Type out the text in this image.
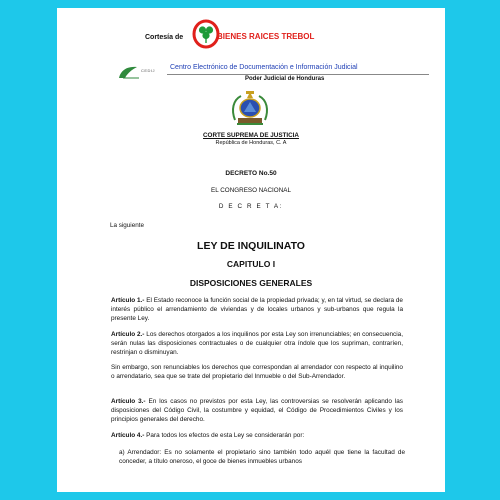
Cortesía de	BIENES RAICES TREBOL
CEDIJ Centro Electrónico de Documentación e Información Judicial
Poder Judicial de Honduras
CORTE SUPREMA DE JUSTICIA
República de Honduras, C. A
DECRETO No.50
EL CONGRESO NACIONAL
D E C R E T A:
La siguiente
LEY DE INQUILINATO
CAPITULO I
DISPOSICIONES GENERALES

Artículo 1.- El Estado reconoce la función social de la propiedad privada; y, en tal virtud, se declara de interés público el arrendamiento de viviendas y de locales urbanos y sub-urbanos que regula la presente Ley.

Artículo 2.- Los derechos otorgados a los inquilinos por esta Ley son irrenunciables; en consecuencia, serán nulas las disposiciones contractuales o de cualquier otra índole que los supriman, contraríen, restrinjan o disminuyan.

Sin embargo, son renunciables los derechos que correspondan al arrendador con respecto al inquilino o arrendatario, sea que se trate del propietario del Inmueble o del Sub-Arrendador.

Artículo 3.- En los casos no previstos por esta Ley, las controversias se resolverán aplicando las disposiciones del Código Civil, la costumbre y equidad, el Código de Procedimientos Civiles y los principios generales del derecho.

Artículo 4.- Para todos los efectos de esta Ley se considerarán por:

a) Arrendador: Es no solamente el propietario sino también todo aquél que tiene la facultad de conceder, a título oneroso, el goce de bienes inmuebles urbanos
